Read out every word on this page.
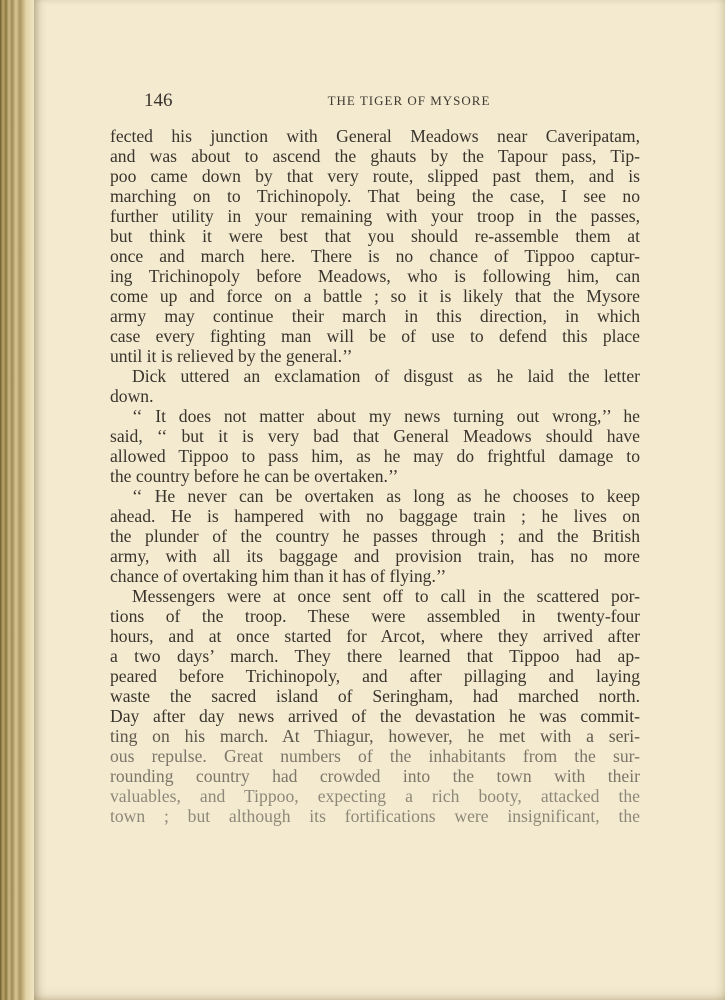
146	THE TIGER OF MYSORE
fected his junction with General Meadows near Caveripatam,
and was about to ascend the ghauts by the Tapour pass, Tip-
poo came down by that very route, slipped past them, and is
marching on to Trichinopoly. That being the case, I see no
further utility in your remaining with your troop in the passes,
but think it were best that you should re-assemble them at
once and march here. There is no chance of Tippoo captur-
ing Trichinopoly before Meadows, who is following him, can
come up and force on a battle ; so it is likely that the Mysore
army may continue their march in this direction, in which
case every fighting man will be of use to defend this place
until it is relieved by the general.’’
Dick uttered an exclamation of disgust as he laid the letter
down.
‘‘ It does not matter about my news turning out wrong,’’ he
said, ‘‘ but it is very bad that General Meadows should have
allowed Tippoo to pass him, as he may do frightful damage to
the country before he can be overtaken.’’
‘‘ He never can be overtaken as long as he chooses to keep
ahead. He is hampered with no baggage train ; he lives on
the plunder of the country he passes through ; and the British
army, with all its baggage and provision train, has no more
chance of overtaking him than it has of flying.’’
Messengers were at once sent off to call in the scattered por-
tions of the troop. These were assembled in twenty-four
hours, and at once started for Arcot, where they arrived after
a two days’ march. They there learned that Tippoo had ap-
peared before Trichinopoly, and after pillaging and laying
waste the sacred island of Seringham, had marched north.
Day after day news arrived of the devastation he was commit-
ting on his march. At Thiagur, however, he met with a seri-
ous repulse. Great numbers of the inhabitants from the sur-
rounding country had crowded into the town with their
valuables, and Tippoo, expecting a rich booty, attacked the
town ; but although its fortifications were insignificant, the
